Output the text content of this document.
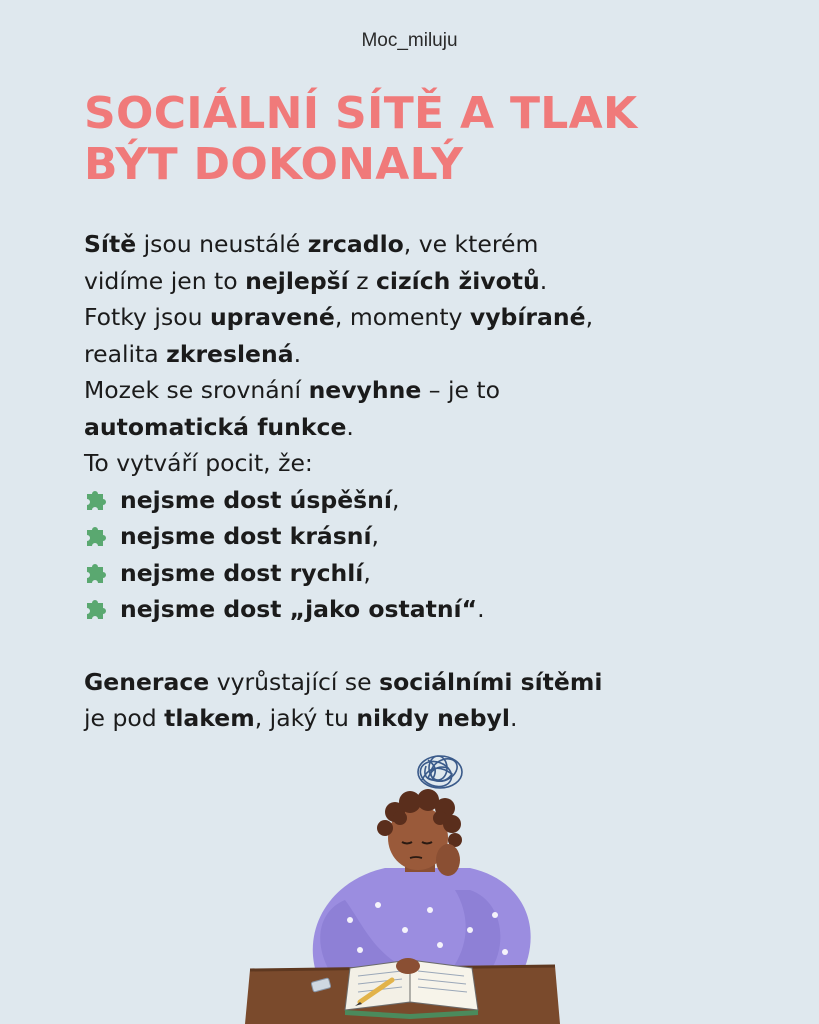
Moc_miluju
SOCIÁLNÍ SÍTĚ A TLAK
BÝT DOKONALÝ
Sítě jsou neustálé zrcadlo, ve kterém
vidíme jen to nejlepší z cizích životů.
Fotky jsou upravené, momenty vybírané,
realita zkreslená.
Mozek se srovnání nevyhne – je to
automatická funkce.
To vytváří pocit, že:
nejsme dost úspěšní ,
nejsme dost krásní ,
nejsme dost rychlí ,
nejsme dost „jako ostatní“ .
Generace vyrůstající se sociálními sítěmi
je pod tlakem, jaký tu nikdy nebyl.
